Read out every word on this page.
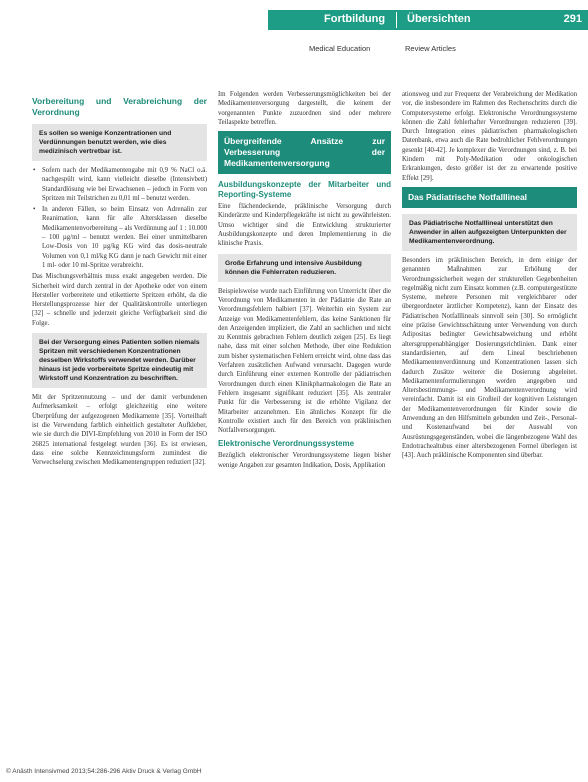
Fortbildung Übersichten	291
Medical Education	Review Articles
Vorbereitung und Verabreichung der Verordnung
Es sollen so wenige Konzentrationen und Verdünnungen benutzt werden, wie dies medizinisch vertretbar ist.
• Sofern nach der Medikamentengabe mit 0,9 % NaCl o.ä. nachgespült wird, kann vielleicht dieselbe (Intensivbett) Standardlösung wie bei Erwachsenen – jedoch in Form von Spritzen mit Teilstrichen zu 0,01 ml – benutzt werden.
• In anderen Fällen, so beim Einsatz von Adrenalin zur Reanimation, kann für alle Altersklassen dieselbe Medikamentenvorbereitung – als Verdünnung auf 1 : 10.000 – 100 µg/ml – benutzt werden. Bei einer unmittelbaren Low-Dosis von 10 µg/kg KG wird das dosis-neutrale Volumen von 0,1 ml/kg KG dann je nach Gewicht mit einer 1 ml- oder 10 ml-Spritze verabreicht.

Das Mischungsverhältnis muss exakt angegeben werden. Die Sicherheit wird durch zentral in der Apotheke oder von einem Hersteller vorbereitete und etikettierte Spritzen erhöht, da die Herstellungsprozesse hier der Qualitätskontrolle unterliegen [32] – schnelle und jederzeit gleiche Verfügbarkeit sind die Folge.

Bei der Versorgung eines Patienten sollen niemals Spritzen mit verschiedenen Konzentrationen desselben Wirkstoffs verwendet werden. Darüber hinaus ist jede vorbereitete Spritze eindeutig mit Wirkstoff und Konzentration zu beschriften.

Mit der Spritzennutzung – und der damit verbundenen Aufmerksamkeit – erfolgt gleichzeitig eine weitere Überprüfung der aufgezogenen Medikamente [35]. Vorteilhaft ist die Verwendung farblich einheitlich gestalteter Aufkleber, wie sie durch die DIVI-Empfehlung von 2010 in Form der ISO 26825 international festgelegt wurden [36]. Es ist erwiesen, dass eine solche Kennzeichnungsform zumindest die Verwechselung zwischen Medikamentengruppen reduziert [32].

Im Folgenden werden Verbesserungsmöglichkeiten bei der Medikamentenversorgung dargestellt, die keinem der vorgenannten Punkte zuzuordnen sind oder mehrere Teilaspekte betreffen.

Übergreifende Ansätze zur Verbesserung der Medikamentenversorgung
Ausbildungskonzepte der Mitarbeiter und Reporting-Systeme

Eine flächendeckende, präklinische Versorgung durch Kinderärzte und Kinderpflegekräfte ist nicht zu gewährleisten. Umso wichtiger sind die Entwicklung strukturierter Ausbildungskonzepte und deren Implementierung in die klinische Praxis.

Große Erfahrung und intensive Ausbildung können die Fehlerraten reduzieren.

Beispielsweise wurde nach Einführung von Unterricht über die Verordnung von Medikamenten in der Pädiatrie die Rate an Verordnungsfehlern halbiert [37]. Weiterhin ein System zur Anzeige von Medikamentenfehlern, das keine Sanktionen für den Anzeigenden impliziert, die Zahl an sachlichen und nicht zu Kenntnis gebrachten Fehlern deutlich zeigen [25]. Es liegt nahe, dass mit einer solchen Methode, über eine Reduktion zum bisher systematischen Fehlern erreicht wird, ohne dass das Verfahren zusätzlichen Aufwand verursacht. Dagegen wurde durch Einführung einer externen Kontrolle der pädiatrischen Verordnungen durch einen Klinikpharmakologen die Rate an Fehlern insgesamt signifikant reduziert [35]. Als zentraler Punkt für die Verbesserung ist die erhöhte Vigilanz der Mitarbeiter anzunehmen. Ein ähnliches Konzept für die Kontrolle existiert auch für den Bereich von präklinischen Notfallversorgungen.

Elektronische Verordnungssysteme

Bezüglich elektronischer Verordnungssysteme liegen bisher wenige Angaben zur gesamten Indikation, Dosis, Applikation

ationsweg und zur Frequenz der Verabreichung der Medikation vor, die insbesondere im Rahmen des Rechenschritts durch die Computersysteme erfolgt. Elektronische Verordnungssysteme können die Zahl fehlerhafter Verordnungen reduzieren [39]. Durch Integration eines pädiatrischen pharmakologischen Datenbank, etwa auch die Rate bedrohlicher Fehlverordnungen gesenkt [40-42]. Je komplexer die Verordnungen sind, z. B. bei Kindern mit Poly-Medikation oder onkologischen Erkrankungen, desto größer ist der zu erwartende positive Effekt [29].

Das Pädiatrische Notfalllineal
Das Pädiatrische Notfalllineal unterstützt den Anwender in allen aufgezeigten Unterpunkten der Medikamentenverordnung.

Besonders im präklinischen Bereich, in dem einige der genannten Maßnahmen zur Erhöhung der Verordnungssicherheit wegen der strukturellen Gegebenheiten regelmäßig nicht zum Einsatz kommen (z.B. computergestützte Systeme, mehrere Personen mit vergleichbarer oder übergeordneter ärztlicher Kompetenz), kann der Einsatz des Pädiatrischen Notfalllineals sinnvoll sein [30]. So ermöglicht eine präzise Gewichtsschätzung unter Verwendung von durch Adipositas bedingter Gewichtsabweichung und erhöht altersgruppenabhängiger Dosierungsrichtlinien. Dank einer standardisierten, auf dem Lineal beschriebenen Medikamentenverdünnung und Konzentrationen lassen sich dadurch Zusätze weiterer die Dosierung abgeleitet. Medikamentenformulierungen werden angegeben und Altersbestimmungs- und Medikamentenverordnung wird vereinfacht. Damit ist ein Großteil der kognitiven Leistungen der Medikamentenverordnungen für Kinder sowie die Anwendung an den Hilfsmitteln gebunden und Zeit-, Personal- und Kostenaufwand bei der Auswahl von Ausrüstungsgegenständen, wobei die längenbezogene Wahl des Endotrachealtubus einer altersbezogenen Formel überlegen ist [43]. Auch präklinische Komponenten sind überbar.

© Anästh Intensivmed 2013;54:286-296 Aktiv Druck & Verlag GmbH
